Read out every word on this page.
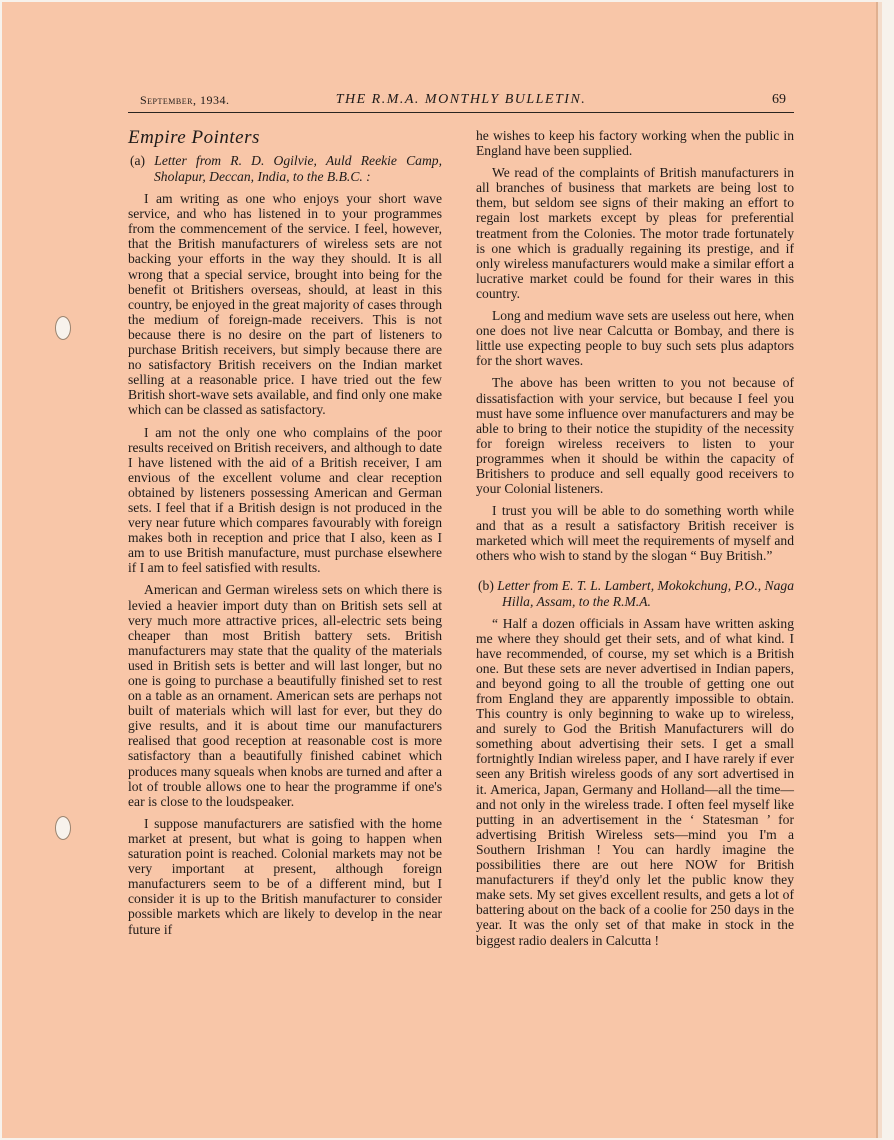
September, 1934.	THE R.M.A. MONTHLY BULLETIN.	69
Empire Pointers
(a) Letter from R. D. Ogilvie, Auld Reekie Camp, Sholapur, Deccan, India, to the B.B.C. :

I am writing as one who enjoys your short wave service, and who has listened in to your programmes from the commencement of the service. I feel, however, that the British manufacturers of wireless sets are not backing your efforts in the way they should. It is all wrong that a special service, brought into being for the benefit ot Britishers overseas, should, at least in this country, be enjoyed in the great majority of cases through the medium of foreign-made receivers. This is not because there is no desire on the part of listeners to purchase British receivers, but simply because there are no satisfactory British receivers on the Indian market selling at a reasonable price. I have tried out the few British short-wave sets available, and find only one make which can be classed as satisfactory.

I am not the only one who complains of the poor results received on British receivers, and although to date I have listened with the aid of a British receiver, I am envious of the excellent volume and clear reception obtained by listeners possessing American and German sets. I feel that if a British design is not produced in the very near future which compares favourably with foreign makes both in reception and price that I also, keen as I am to use British manufacture, must purchase elsewhere if I am to feel satisfied with results.

American and German wireless sets on which there is levied a heavier import duty than on British sets sell at very much more attractive prices, all-electric sets being cheaper than most British battery sets. British manufacturers may state that the quality of the materials used in British sets is better and will last longer, but no one is going to purchase a beautifully finished set to rest on a table as an ornament. American sets are perhaps not built of materials which will last for ever, but they do give results, and it is about time our manufacturers realised that good reception at reasonable cost is more satisfactory than a beautifully finished cabinet which produces many squeals when knobs are turned and after a lot of trouble allows one to hear the programme if one's ear is close to the loudspeaker.

I suppose manufacturers are satisfied with the home market at present, but what is going to happen when saturation point is reached. Colonial markets may not be very important at present, although foreign manufacturers seem to be of a different mind, but I consider it is up to the British manufacturer to consider possible markets which are likely to develop in the near future if

he wishes to keep his factory working when the public in England have been supplied.

We read of the complaints of British manufacturers in all branches of business that markets are being lost to them, but seldom see signs of their making an effort to regain lost markets except by pleas for preferential treatment from the Colonies. The motor trade fortunately is one which is gradually regaining its prestige, and if only wireless manufacturers would make a similar effort a lucrative market could be found for their wares in this country.

Long and medium wave sets are useless out here, when one does not live near Calcutta or Bombay, and there is little use expecting people to buy such sets plus adaptors for the short waves.

The above has been written to you not because of dissatisfaction with your service, but because I feel you must have some influence over manufacturers and may be able to bring to their notice the stupidity of the necessity for foreign wireless receivers to listen to your programmes when it should be within the capacity of Britishers to produce and sell equally good receivers to your Colonial listeners.

I trust you will be able to do something worth while and that as a result a satisfactory British receiver is marketed which will meet the requirements of myself and others who wish to stand by the slogan “ Buy British.”

(b) Letter from E. T. L. Lambert, Mokokchung, P.O., Naga Hilla, Assam, to the R.M.A.

“ Half a dozen officials in Assam have written asking me where they should get their sets, and of what kind. I have recommended, of course, my set which is a British one. But these sets are never advertised in Indian papers, and beyond going to all the trouble of getting one out from England they are apparently impossible to obtain. This country is only beginning to wake up to wireless, and surely to God the British Manufacturers will do something about advertising their sets. I get a small fortnightly Indian wireless paper, and I have rarely if ever seen any British wireless goods of any sort advertised in it. America, Japan, Germany and Holland—all the time—and not only in the wireless trade. I often feel myself like putting in an advertisement in the ‘ Statesman ’ for advertising British Wireless sets—mind you I'm a Southern Irishman ! You can hardly imagine the possibilities there are out here NOW for British manufacturers if they'd only let the public know they make sets. My set gives excellent results, and gets a lot of battering about on the back of a coolie for 250 days in the year. It was the only set of that make in stock in the biggest radio dealers in Calcutta !
